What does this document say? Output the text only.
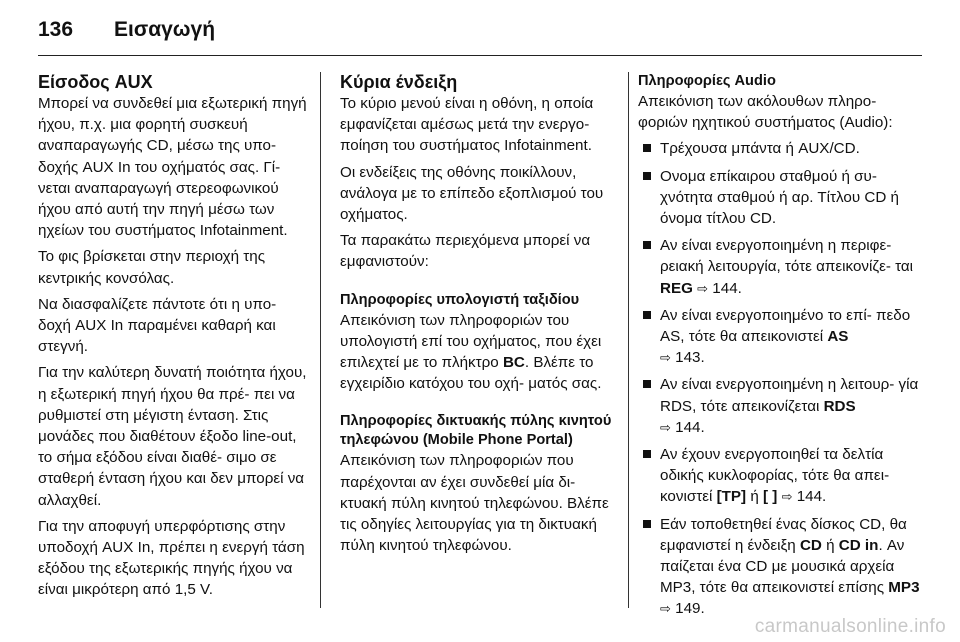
136	Εισαγωγή
Είσοδος AUX

Μπορεί να συνδεθεί μια εξωτερική πηγή ήχου, π.χ. μια φορητή συσκευή αναπαραγωγής CD, μέσω της υπο- δοχής AUX In του οχήματός σας. Γί- νεται αναπαραγωγή στερεοφωνικού ήχου από αυτή την πηγή μέσω των ηχείων του συστήματος Infotainment.

Το φις βρίσκεται στην περιοχή της κεντρικής κονσόλας.

Να διασφαλίζετε πάντοτε ότι η υπο- δοχή AUX In παραμένει καθαρή και στεγνή.

Για την καλύτερη δυνατή ποιότητα ήχου, η εξωτερική πηγή ήχου θα πρέ- πει να ρυθμιστεί στη μέγιστη ένταση. Στις μονάδες που διαθέτουν έξοδο line-out, το σήμα εξόδου είναι διαθέ- σιμο σε σταθερή ένταση ήχου και δεν μπορεί να αλλαχθεί.

Για την αποφυγή υπερφόρτισης στην υποδοχή AUX In, πρέπει η ενεργή τάση εξόδου της εξωτερικής πηγής ήχου να είναι μικρότερη από 1,5 V.

Κύρια ένδειξη

Το κύριο μενού είναι η οθόνη, η οποία εμφανίζεται αμέσως μετά την ενεργο- ποίηση του συστήματος Infotainment.

Οι ενδείξεις της οθόνης ποικίλλουν, ανάλογα με το επίπεδο εξοπλισμού του οχήματος.

Τα παρακάτω περιεχόμενα μπορεί να εμφανιστούν:

Πληροφορίες υπολογιστή ταξιδίου

Απεικόνιση των πληροφοριών του υπολογιστή επί του οχήματος, που έχει επιλεχτεί με το πλήκτρο BC. Βλέπε το εγχειρίδιο κατόχου του οχή- ματός σας.

Πληροφορίες δικτυακής πύλης κινητού τηλεφώνου (Mobile Phone Portal)

Απεικόνιση των πληροφοριών που παρέχονται αν έχει συνδεθεί μία δι- κτυακή πύλη κινητού τηλεφώνου. Βλέπε τις οδηγίες λειτουργίας για τη δικτυακή πύλη κινητού τηλεφώνου.

Πληροφορίες Audio

Απεικόνιση των ακόλουθων πληρο- φοριών ηχητικού συστήματος (Audio):

Τρέχουσα μπάντα ή AUX/CD.
Ονομα επίκαιρου σταθμού ή συ- χνότητα σταθμού ή αρ. Τίτλου CD ή όνομα τίτλου CD.
Αν είναι ενεργοποιημένη η περιφε- ρειακή λειτουργία, τότε απεικονίζε- ται REG ⇨ 144.
Αν είναι ενεργοποιημένο το επί- πεδο AS, τότε θα απεικονιστεί AS
⇨ 143.
Αν είναι ενεργοποιημένη η λειτουρ- γία RDS, τότε απεικονίζεται RDS
⇨ 144.
Αν έχουν ενεργοποιηθεί τα δελτία οδικής κυκλοφορίας, τότε θα απει- κονιστεί [TP] ή [ ] ⇨ 144.
Εάν τοποθετηθεί ένας δίσκος CD, θα εμφανιστεί η ένδειξη CD ή CD in. Αν παίζεται ένα CD με μουσικά αρχεία MP3, τότε θα απεικονιστεί επίσης MP3 ⇨ 149.
carmanualsonline.info
